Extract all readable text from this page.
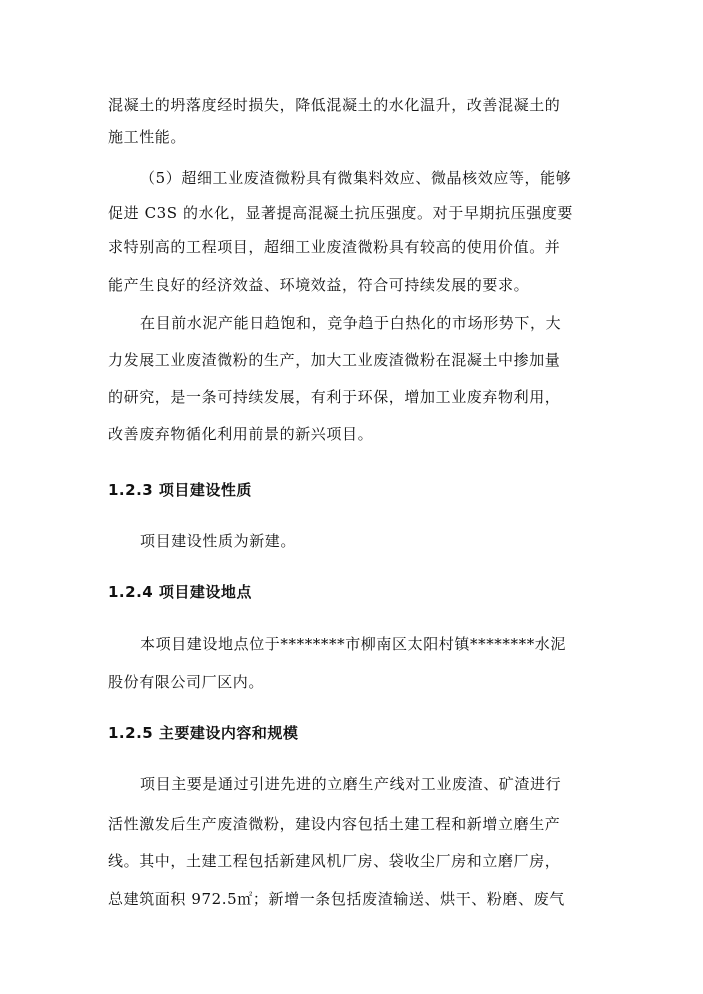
混凝土的坍落度经时损失，降低混凝土的水化温升，改善混凝土的
施工性能。
（5）超细工业废渣微粉具有微集料效应、微晶核效应等，能够
促进 C3S 的水化，显著提高混凝土抗压强度。对于早期抗压强度要
求特别高的工程项目，超细工业废渣微粉具有较高的使用价值。并
能产生良好的经济效益、环境效益，符合可持续发展的要求。
在目前水泥产能日趋饱和，竞争趋于白热化的市场形势下，大
力发展工业废渣微粉的生产，加大工业废渣微粉在混凝土中掺加量
的研究，是一条可持续发展，有利于环保，增加工业废弃物利用，
改善废弃物循化利用前景的新兴项目。
1.2.3 项目建设性质
项目建设性质为新建。
1.2.4 项目建设地点
本项目建设地点位于********市柳南区太阳村镇********水泥
股份有限公司厂区内。
1.2.5 主要建设内容和规模
项目主要是通过引进先进的立磨生产线对工业废渣、矿渣进行
活性激发后生产废渣微粉，建设内容包括土建工程和新增立磨生产
线。其中，土建工程包括新建风机厂房、袋收尘厂房和立磨厂房，
总建筑面积 972.5㎡；新增一条包括废渣输送、烘干、粉磨、废气
